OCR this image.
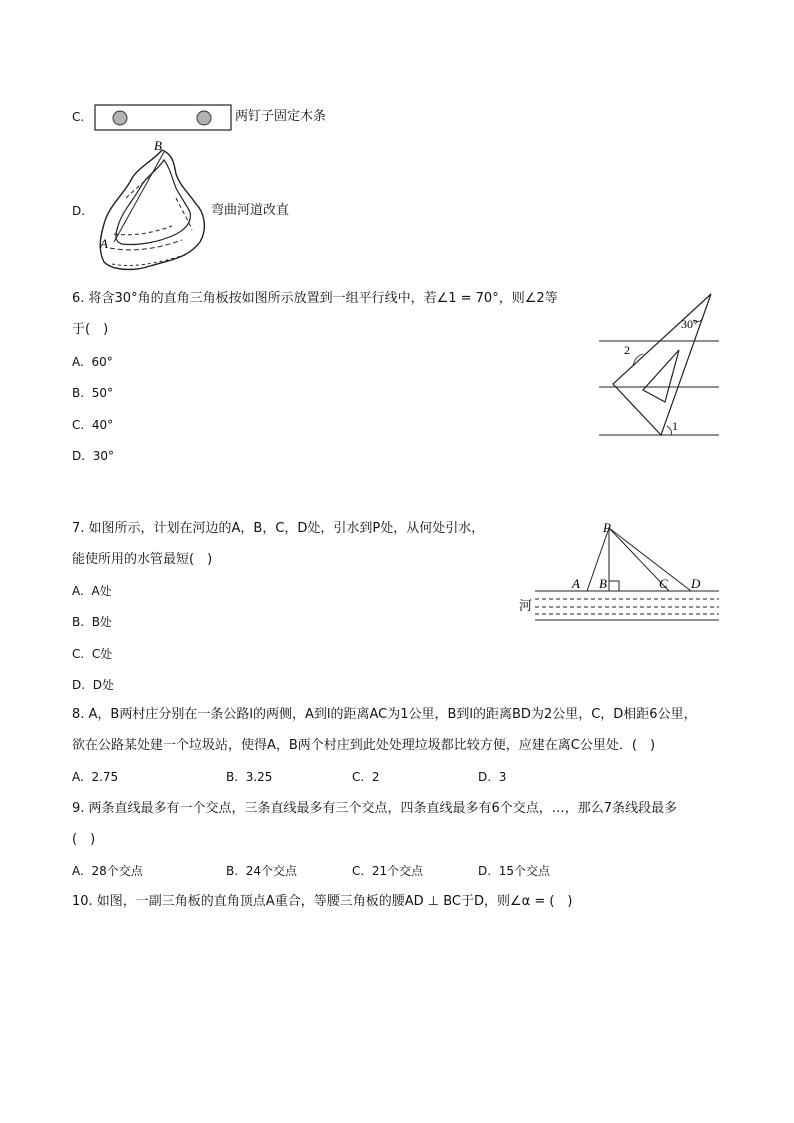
C.	两钉子固定木条
D.
B
A
弯曲河道改直
6. 将含30°角的直角三角板按如图所示放置到一组平行线中，若∠1 = 70°，则∠2等
于(　)
A. 60°
B. 50°
C. 40°
D. 30°
30°
2
1
7. 如图所示，计划在河边的A，B，C，D处，引水到P处，从何处引水，
能使所用的水管最短(　)
A. A处
B. B处
C. C处
D. D处
P
A B	C D
河
8. A，B两村庄分别在一条公路l的两侧，A到l的距离AC为1公里，B到l的距离BD为2公里，C，D相距6公里，
欲在公路某处建一个垃圾站，使得A，B两个村庄到此处处理垃圾都比较方便，应建在离C公里处．(　)
A. 2.75	B. 3.25	C. 2	D. 3
9. 两条直线最多有一个交点，三条直线最多有三个交点，四条直线最多有6个交点，…，那么7条线段最多
(　)
A. 28个交点	B. 24个交点	C. 21个交点	D. 15个交点
10. 如图，一副三角板的直角顶点A重合，等腰三角板的腰AD ⊥ BC于D，则∠α = (　)
